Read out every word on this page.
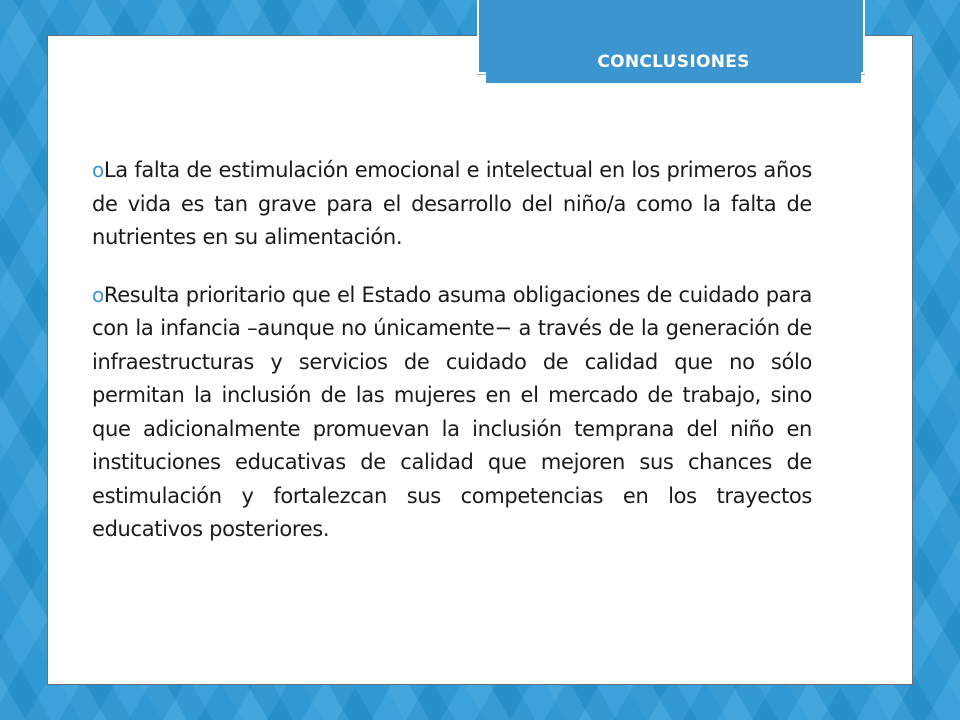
CONCLUSIONES

oLa falta de estimulación emocional e intelectual en los primeros años de vida es tan grave para el desarrollo del niño/a como la falta de nutrientes en su alimentación.

oResulta prioritario que el Estado asuma obligaciones de cuidado para con la infancia –aunque no únicamente− a través de la generación de infraestructuras y servicios de cuidado de calidad que no sólo permitan la inclusión de las mujeres en el mercado de trabajo, sino que adicionalmente promuevan la inclusión temprana del niño en instituciones educativas de calidad que mejoren sus chances de estimulación y fortalezcan sus competencias en los trayectos educativos posteriores.
